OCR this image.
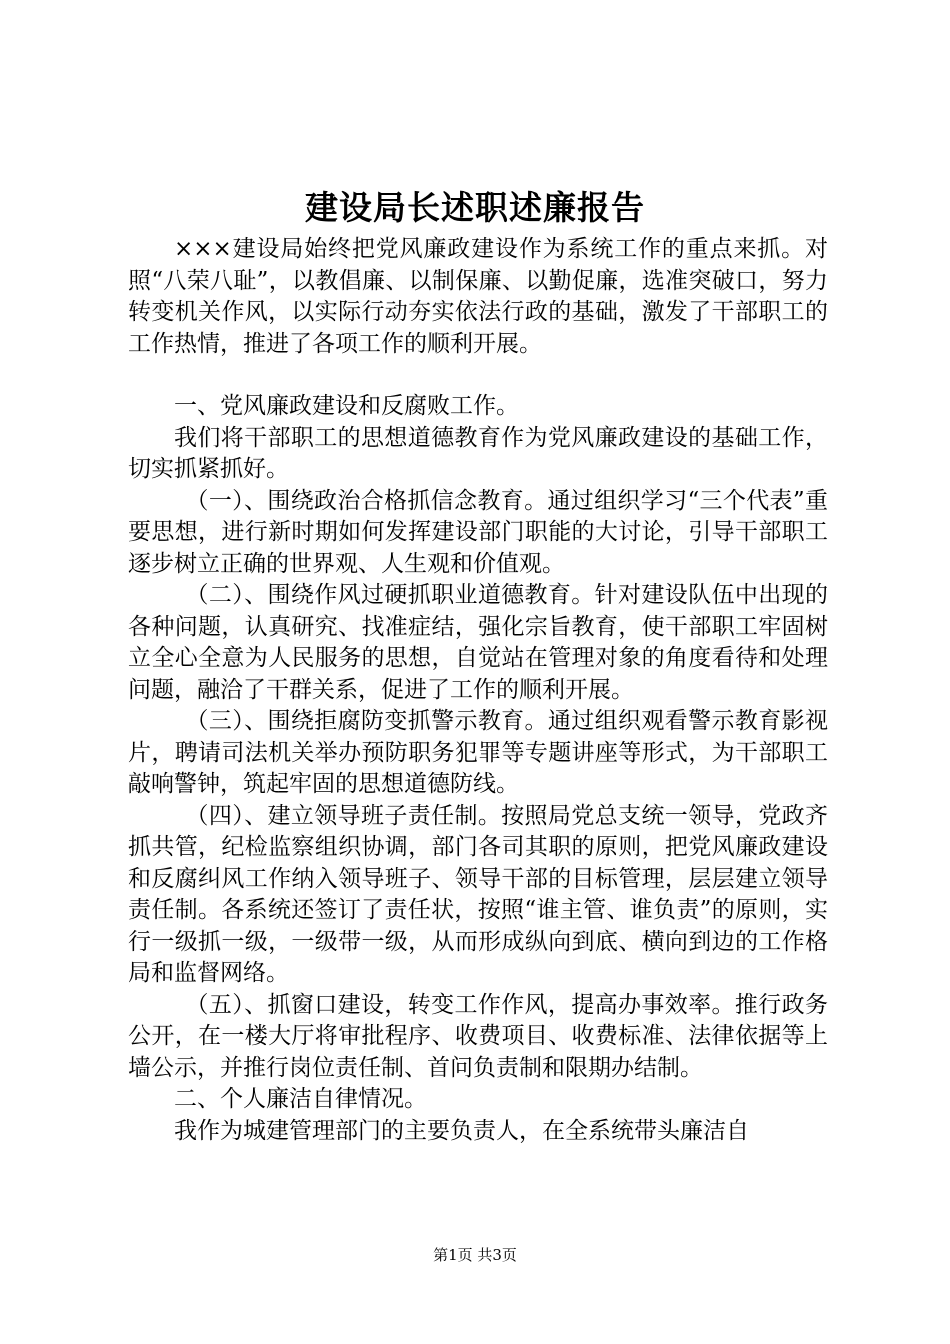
建设局长述职述廉报告

×××建设局始终把党风廉政建设作为系统工作的重点来抓。对照“八荣八耻”，以教倡廉、以制保廉、以勤促廉，选准突破口，努力转变机关作风，以实际行动夯实依法行政的基础，激发了干部职工的工作热情，推进了各项工作的顺利开展。

一、党风廉政建设和反腐败工作。

我们将干部职工的思想道德教育作为党风廉政建设的基础工作，切实抓紧抓好。

（一）、围绕政治合格抓信念教育。通过组织学习“三个代表”重要思想，进行新时期如何发挥建设部门职能的大讨论，引导干部职工逐步树立正确的世界观、人生观和价值观。

（二）、围绕作风过硬抓职业道德教育。针对建设队伍中出现的各种问题，认真研究、找准症结，强化宗旨教育，使干部职工牢固树立全心全意为人民服务的思想，自觉站在管理对象的角度看待和处理问题，融洽了干群关系，促进了工作的顺利开展。

（三）、围绕拒腐防变抓警示教育。通过组织观看警示教育影视片，聘请司法机关举办预防职务犯罪等专题讲座等形式，为干部职工敲响警钟，筑起牢固的思想道德防线。

（四）、建立领导班子责任制。按照局党总支统一领导，党政齐抓共管，纪检监察组织协调，部门各司其职的原则，把党风廉政建设和反腐纠风工作纳入领导班子、领导干部的目标管理，层层建立领导责任制。各系统还签订了责任状，按照“谁主管、谁负责”的原则，实行一级抓一级，一级带一级，从而形成纵向到底、横向到边的工作格局和监督网络。

（五）、抓窗口建设，转变工作作风，提高办事效率。推行政务公开，在一楼大厅将审批程序、收费项目、收费标准、法律依据等上墙公示，并推行岗位责任制、首问负责制和限期办结制。

二、个人廉洁自律情况。

我作为城建管理部门的主要负责人，在全系统带头廉洁自

第1页 共3页
